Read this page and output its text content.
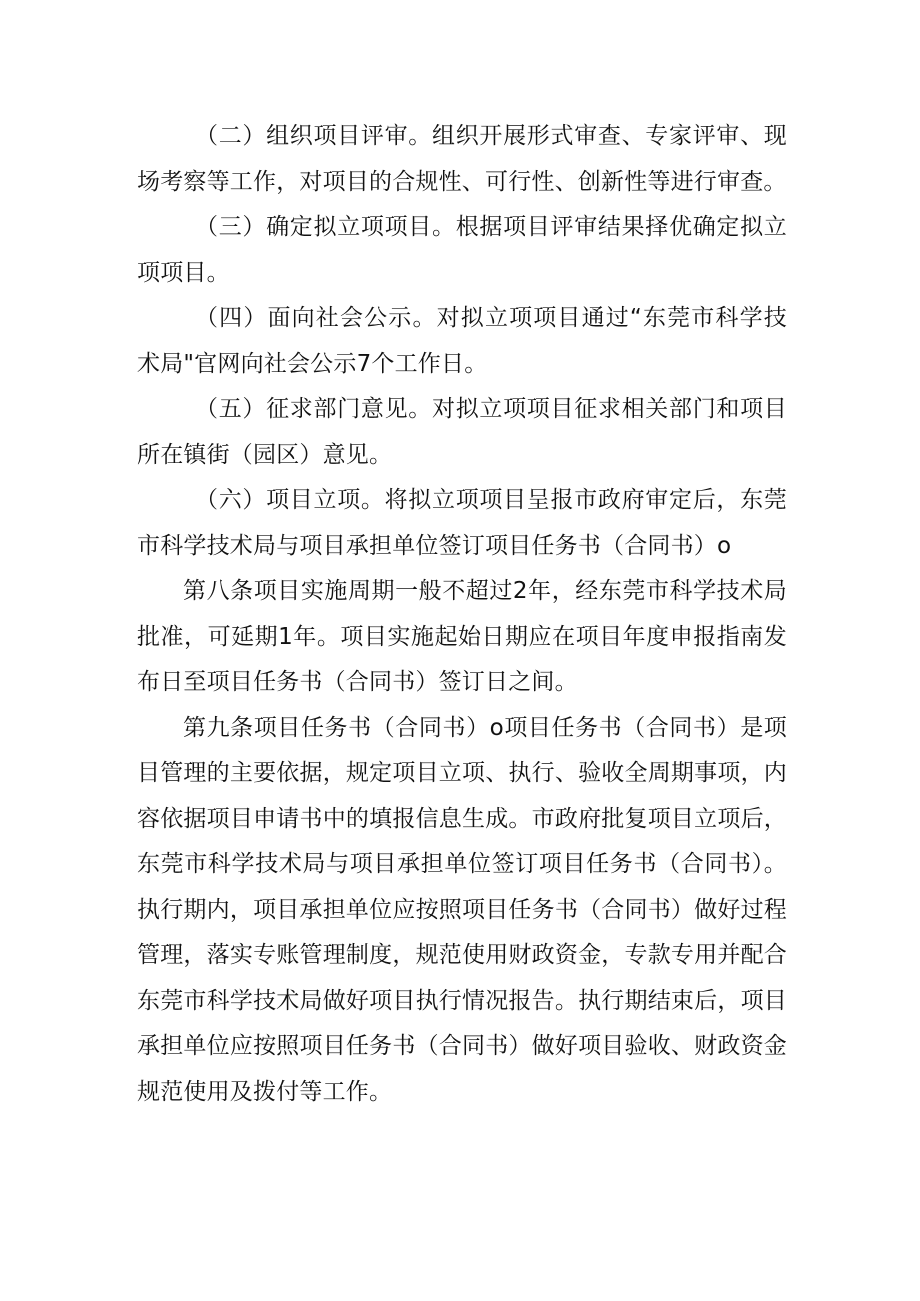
（二）组织项目评审。组织开展形式审查、专家评审、现场考察等工作，对项目的合规性、可行性、创新性等进行审查。

（三）确定拟立项项目。根据项目评审结果择优确定拟立项项目。

（四）面向社会公示。对拟立项项目通过“东莞市科学技术局"官网向社会公示7个工作日。

（五）征求部门意见。对拟立项项目征求相关部门和项目所在镇街（园区）意见。

（六）项目立项。将拟立项项目呈报市政府审定后，东莞市科学技术局与项目承担单位签订项目任务书（合同书）o

第八条项目实施周期一般不超过2年，经东莞市科学技术局批准，可延期1年。项目实施起始日期应在项目年度申报指南发布日至项目任务书（合同书）签订日之间。

第九条项目任务书（合同书）o项目任务书（合同书）是项目管理的主要依据，规定项目立项、执行、验收全周期事项，内容依据项目申请书中的填报信息生成。市政府批复项目立项后，东莞市科学技术局与项目承担单位签订项目任务书（合同书）。执行期内，项目承担单位应按照项目任务书（合同书）做好过程管理，落实专账管理制度，规范使用财政资金，专款专用并配合东莞市科学技术局做好项目执行情况报告。执行期结束后，项目承担单位应按照项目任务书（合同书）做好项目验收、财政资金规范使用及拨付等工作。
